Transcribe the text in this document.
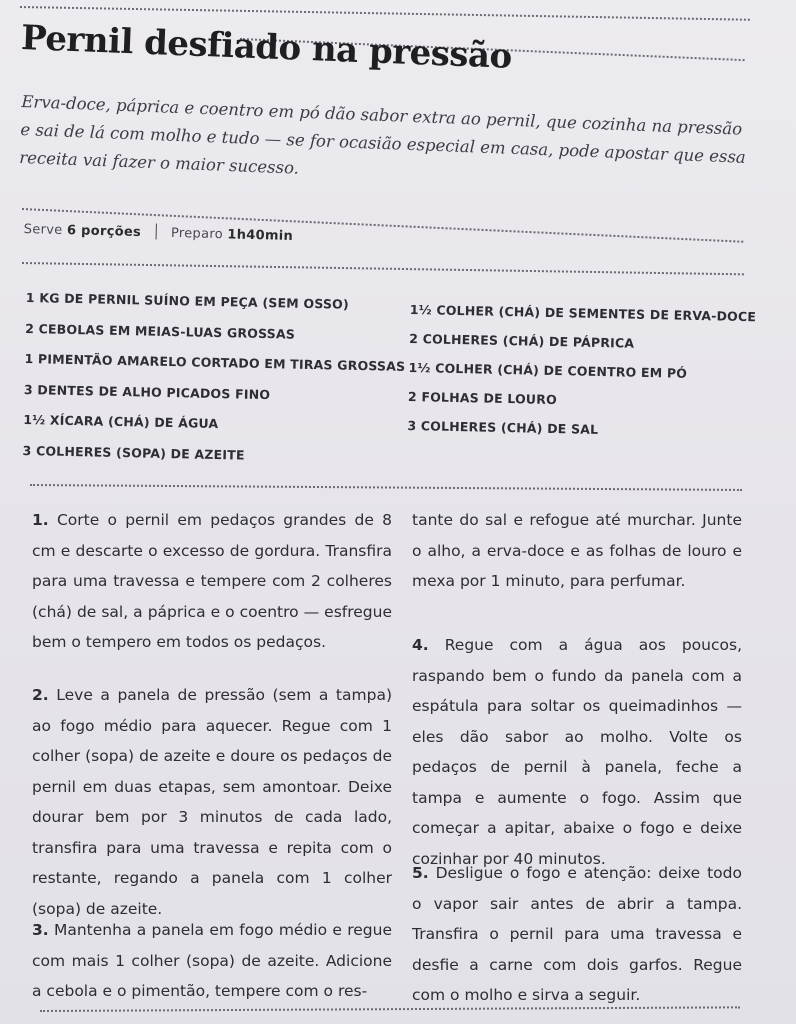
Pernil desfiado na pressão

Erva-doce, páprica e coentro em pó dão sabor extra ao pernil, que cozinha na pressão e sai de lá com molho e tudo — se for ocasião especial em casa, pode apostar que essa receita vai fazer o maior sucesso.

Serve 6 porções Preparo 1h40min
1 KG DE PERNIL SUÍNO EM PEÇA (SEM OSSO)
2 CEBOLAS EM MEIAS-LUAS GROSSAS
1 PIMENTÃO AMARELO CORTADO EM TIRAS GROSSAS
3 DENTES DE ALHO PICADOS FINO
1½ XÍCARA (CHÁ) DE ÁGUA
3 COLHERES (SOPA) DE AZEITE
1½ COLHER (CHÁ) DE SEMENTES DE ERVA-DOCE
2 COLHERES (CHÁ) DE PÁPRICA
1½ COLHER (CHÁ) DE COENTRO EM PÓ
2 FOLHAS DE LOURO
3 COLHERES (CHÁ) DE SAL

1. Corte o pernil em pedaços grandes de 8 cm e descarte o excesso de gordura. Transfira para uma travessa e tempere com 2 colheres (chá) de sal, a páprica e o coentro — esfregue bem o tempero em todos os pedaços.

2. Leve a panela de pressão (sem a tampa) ao fogo médio para aquecer. Regue com 1 colher (sopa) de azeite e doure os pedaços de pernil em duas etapas, sem amontoar. Deixe dourar bem por 3 minutos de cada lado, transfira para uma travessa e repita com o restante, regando a panela com 1 colher (sopa) de azeite.

3. Mantenha a panela em fogo médio e regue com mais 1 colher (sopa) de azeite. Adicione a cebola e o pimentão, tempere com o res-

tante do sal e refogue até murchar. Junte o alho, a erva-doce e as folhas de louro e mexa por 1 minuto, para perfumar.

4. Regue com a água aos poucos, raspando bem o fundo da panela com a espátula para soltar os queimadinhos — eles dão sabor ao molho. Volte os pedaços de pernil à panela, feche a tampa e aumente o fogo. Assim que começar a apitar, abaixe o fogo e deixe cozinhar por 40 minutos.

5. Desligue o fogo e atenção: deixe todo o vapor sair antes de abrir a tampa. Transfira o pernil para uma travessa e desfie a carne com dois garfos. Regue com o molho e sirva a seguir.
